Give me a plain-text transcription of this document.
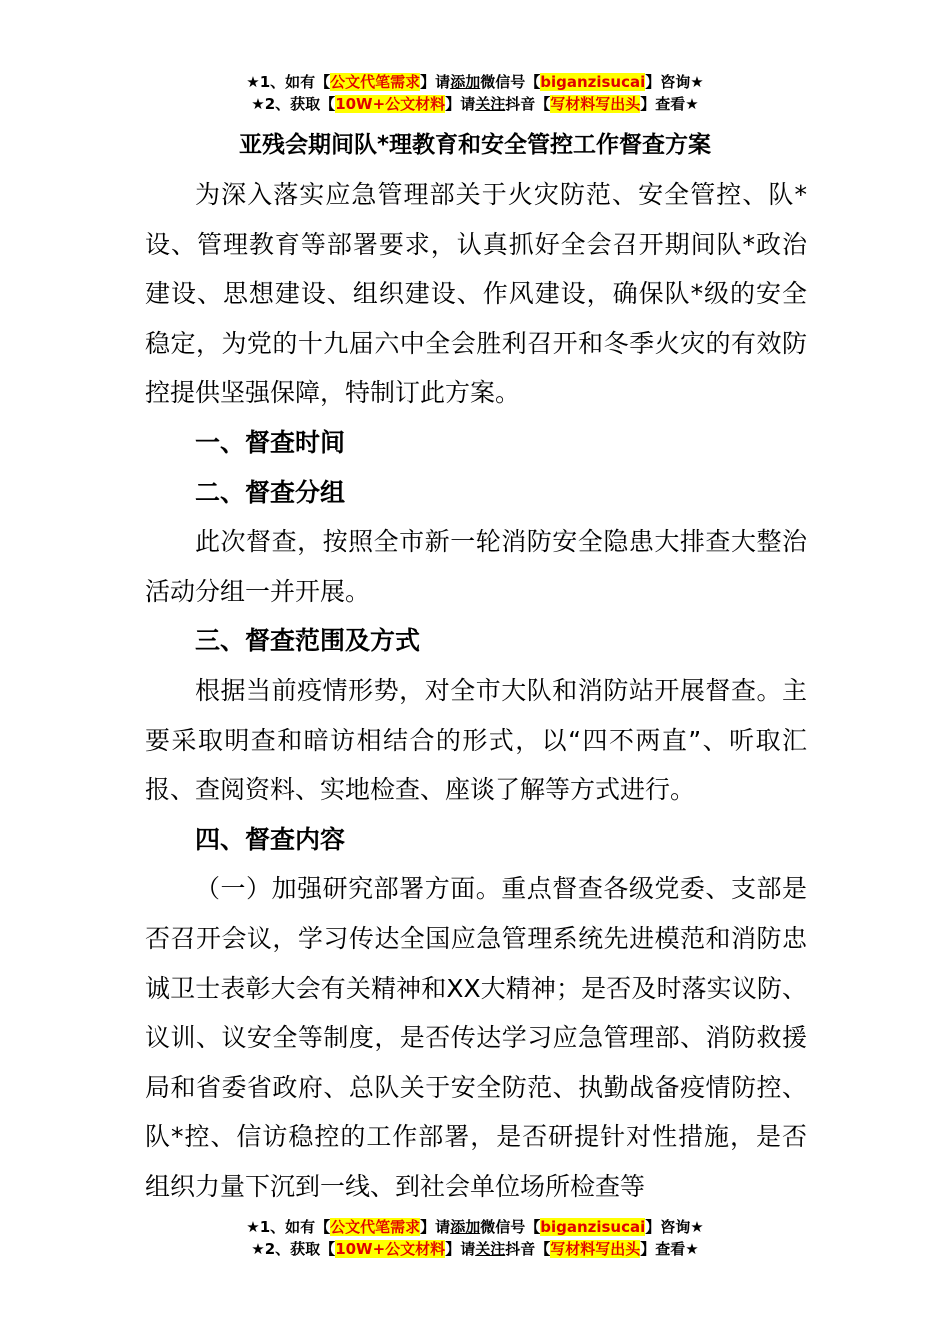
★1、如有【公文代笔需求】请添加微信号【biganzisucai】咨询★
★2、获取【10W+公文材料】请关注抖音【写材料写出头】查看★
亚残会期间队*理教育和安全管控工作督查方案

为深入落实应急管理部关于火灾防范、安全管控、队*设、管理教育等部署要求，认真抓好全会召开期间队*政治建设、思想建设、组织建设、作风建设，确保队*级的安全稳定，为党的十九届六中全会胜利召开和冬季火灾的有效防控提供坚强保障，特制订此方案。

一、督查时间

二、督查分组

此次督查，按照全市新一轮消防安全隐患大排查大整治活动分组一并开展。

三、督查范围及方式

根据当前疫情形势，对全市大队和消防站开展督查。主要采取明查和暗访相结合的形式，以“四不两直”、听取汇报、查阅资料、实地检查、座谈了解等方式进行。

四、督查内容

（一）加强研究部署方面。重点督查各级党委、支部是否召开会议，学习传达全国应急管理系统先进模范和消防忠诚卫士表彰大会有关精神和XX大精神；是否及时落实议防、议训、议安全等制度，是否传达学习应急管理部、消防救援局和省委省政府、总队关于安全防范、执勤战备疫情防控、队*控、信访稳控的工作部署，是否研提针对性措施，是否组织力量下沉到一线、到社会单位场所检查等

★1、如有【公文代笔需求】请添加微信号【biganzisucai】咨询★
★2、获取【10W+公文材料】请关注抖音【写材料写出头】查看★
